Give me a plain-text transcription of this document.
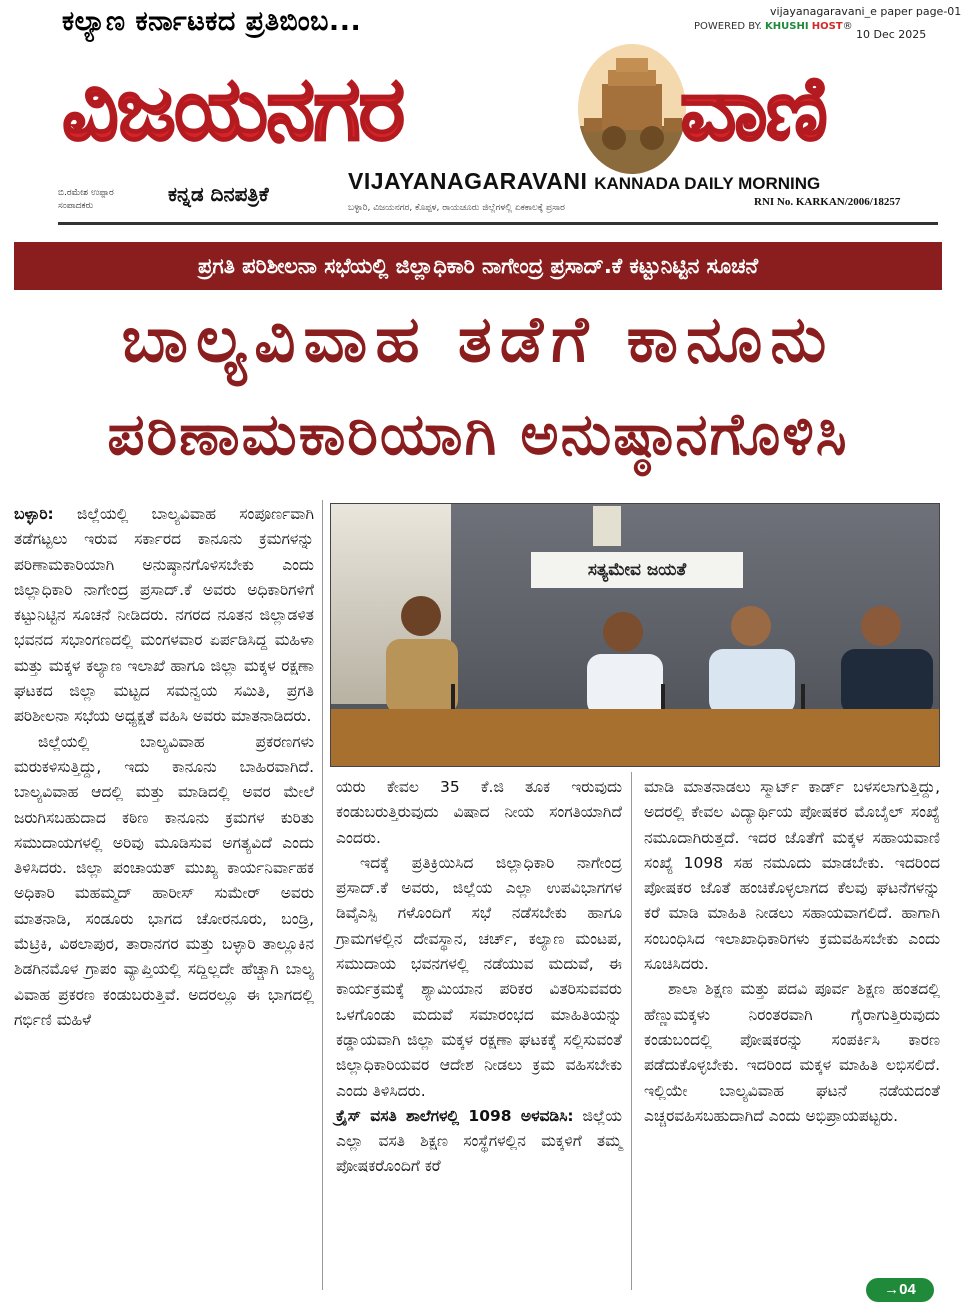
ಕಲ್ಯಾಣ ಕರ್ನಾಟಕದ ಪ್ರತಿಬಿಂಬ...	POWERED BY. KHUSHI HOST®
vijayanagaravani_e paper page-01
10 Dec 2025
ವಿಜಯನಗರ	ವಾಣಿ
ಬಿ.ರಮೇಶ ಉಪ್ಪಾರ
ಸಂಪಾದಕರು	ಕನ್ನಡ ದಿನಪತ್ರಿಕೆ	VIJAYANAGARAVANI KANNADA DAILY MORNING
ಬಳ್ಳಾರಿ, ವಿಜಯನಗರ, ಕೊಪ್ಪಳ, ರಾಯಚೂರು ಜಿಲ್ಲೆಗಳಲ್ಲಿ ಏಕಕಾಲಕ್ಕೆ ಪ್ರಸಾರ	RNI No. KARKAN/2006/18257
ಪ್ರಗತಿ ಪರಿಶೀಲನಾ ಸಭೆಯಲ್ಲಿ ಜಿಲ್ಲಾಧಿಕಾರಿ ನಾಗೇಂದ್ರ ಪ್ರಸಾದ್.ಕೆ ಕಟ್ಟುನಿಟ್ಟಿನ ಸೂಚನೆ
ಬಾಲ್ಯವಿವಾಹ ತಡೆಗೆ ಕಾನೂನು
ಪರಿಣಾಮಕಾರಿಯಾಗಿ ಅನುಷ್ಠಾನಗೊಳಿಸಿ

ಬಳ್ಳಾರಿ: ಜಿಲ್ಲೆಯಲ್ಲಿ ಬಾಲ್ಯವಿವಾಹ ಸಂಪೂರ್ಣವಾಗಿ ತಡೆಗಟ್ಟಲು ಇರುವ ಸರ್ಕಾರದ ಕಾನೂನು ಕ್ರಮಗಳನ್ನು ಪರಿಣಾಮಕಾರಿಯಾಗಿ ಅನುಷ್ಠಾನಗೊಳಿಸಬೇಕು ಎಂದು ಜಿಲ್ಲಾಧಿಕಾರಿ ನಾಗೇಂದ್ರ ಪ್ರಸಾದ್.ಕೆ ಅವರು ಅಧಿಕಾರಿಗಳಿಗೆ ಕಟ್ಟುನಿಟ್ಟಿನ ಸೂಚನೆ ನೀಡಿದರು. ನಗರದ ನೂತನ ಜಿಲ್ಲಾಡಳಿತ ಭವನದ ಸಭಾಂಗಣದಲ್ಲಿ ಮಂಗಳವಾರ ಏರ್ಪಡಿಸಿದ್ದ ಮಹಿಳಾ ಮತ್ತು ಮಕ್ಕಳ ಕಲ್ಯಾಣ ಇಲಾಖೆ ಹಾಗೂ ಜಿಲ್ಲಾ ಮಕ್ಕಳ ರಕ್ಷಣಾ ಘಟಕದ ಜಿಲ್ಲಾ ಮಟ್ಟದ ಸಮನ್ವಯ ಸಮಿತಿ, ಪ್ರಗತಿ ಪರಿಶೀಲನಾ ಸಭೆಯ ಅಧ್ಯಕ್ಷತೆ ವಹಿಸಿ ಅವರು ಮಾತನಾಡಿದರು.

ಜಿಲ್ಲೆಯಲ್ಲಿ ಬಾಲ್ಯವಿವಾಹ ಪ್ರಕರಣಗಳು ಮರುಕಳಿಸುತ್ತಿದ್ದು, ಇದು ಕಾನೂನು ಬಾಹಿರವಾಗಿದೆ. ಬಾಲ್ಯವಿವಾಹ ಆದಲ್ಲಿ ಮತ್ತು ಮಾಡಿದಲ್ಲಿ ಅವರ ಮೇಲೆ ಜರುಗಿಸಬಹುದಾದ ಕಠಿಣ ಕಾನೂನು ಕ್ರಮಗಳ ಕುರಿತು ಸಮುದಾಯಗಳಲ್ಲಿ ಅರಿವು ಮೂಡಿಸುವ ಅಗತ್ಯವಿದೆ ಎಂದು ತಿಳಿಸಿದರು. ಜಿಲ್ಲಾ ಪಂಚಾಯತ್ ಮುಖ್ಯ ಕಾರ್ಯನಿರ್ವಾಹಕ ಅಧಿಕಾರಿ ಮಹಮ್ಮದ್ ಹಾರೀಸ್ ಸುಮೇರ್ ಅವರು ಮಾತನಾಡಿ, ಸಂಡೂರು ಭಾಗದ ಚೋರನೂರು, ಬಂಡ್ರಿ, ಮೆಟ್ರಿಕಿ, ವಿಠಲಾಪುರ, ತಾರಾನಗರ ಮತ್ತು ಬಳ್ಳಾರಿ ತಾಲ್ಲೂಕಿನ ಶಿಡಗಿನಮೊಳ ಗ್ರಾಪಂ ವ್ಯಾಪ್ತಿಯಲ್ಲಿ ಸದ್ದಿಲ್ಲದೇ ಹೆಚ್ಚಾಗಿ ಬಾಲ್ಯ ವಿವಾಹ ಪ್ರಕರಣ ಕಂಡುಬರುತ್ತಿವೆ. ಅದರಲ್ಲೂ ಈ ಭಾಗದಲ್ಲಿ ಗರ್ಭಿಣಿ ಮಹಿಳೆ

ಸತ್ಯಮೇವ ಜಯತೆ

ಯರು ಕೇವಲ 35 ಕೆ.ಜಿ ತೂಕ ಇರುವುದು ಕಂಡುಬರುತ್ತಿರುವುದು ವಿಷಾದ ನೀಯ ಸಂಗತಿಯಾಗಿದೆ ಎಂದರು.

ಇದಕ್ಕೆ ಪ್ರತಿಕ್ರಿಯಿಸಿದ ಜಿಲ್ಲಾಧಿಕಾರಿ ನಾಗೇಂದ್ರ ಪ್ರಸಾದ್.ಕೆ ಅವರು, ಜಿಲ್ಲೆಯ ಎಲ್ಲಾ ಉಪವಿಭಾಗಗಳ ಡಿವೈಎಸ್ಪಿ ಗಳೊಂದಿಗೆ ಸಭೆ ನಡೆಸಬೇಕು ಹಾಗೂ ಗ್ರಾಮಗಳಲ್ಲಿನ ದೇವಸ್ಥಾನ, ಚರ್ಚ್, ಕಲ್ಯಾಣ ಮಂಟಪ, ಸಮುದಾಯ ಭವನಗಳಲ್ಲಿ ನಡೆಯುವ ಮದುವೆ, ಈ ಕಾರ್ಯಕ್ರಮಕ್ಕೆ ಶ್ಯಾಮಿಯಾನ ಪರಿಕರ ವಿತರಿಸುವವರು ಒಳಗೊಂಡು ಮದುವೆ ಸಮಾರಂಭದ ಮಾಹಿತಿಯನ್ನು ಕಡ್ಡಾಯವಾಗಿ ಜಿಲ್ಲಾ ಮಕ್ಕಳ ರಕ್ಷಣಾ ಘಟಕಕ್ಕೆ ಸಲ್ಲಿಸುವಂತೆ ಜಿಲ್ಲಾಧಿಕಾರಿಯವರ ಆದೇಶ ನೀಡಲು ಕ್ರಮ ವಹಿಸಬೇಕು ಎಂದು ತಿಳಿಸಿದರು.

ಕ್ರೈಸ್ ವಸತಿ ಶಾಲೆಗಳಲ್ಲಿ 1098 ಅಳವಡಿಸಿ: ಜಿಲ್ಲೆಯ ಎಲ್ಲಾ ವಸತಿ ಶಿಕ್ಷಣ ಸಂಸ್ಥೆಗಳಲ್ಲಿನ ಮಕ್ಕಳಿಗೆ ತಮ್ಮ ಪೋಷಕರೊಂದಿಗೆ ಕರೆ

ಮಾಡಿ ಮಾತನಾಡಲು ಸ್ಮಾರ್ಟ್ ಕಾರ್ಡ್ ಬಳಸಲಾಗುತ್ತಿದ್ದು, ಅದರಲ್ಲಿ ಕೇವಲ ವಿದ್ಯಾರ್ಥಿಯ ಪೋಷಕರ ಮೊಬೈಲ್ ಸಂಖ್ಯೆ ನಮೂದಾಗಿರುತ್ತದೆ. ಇದರ ಜೊತೆಗೆ ಮಕ್ಕಳ ಸಹಾಯವಾಣಿ ಸಂಖ್ಯೆ 1098 ಸಹ ನಮೂದು ಮಾಡಬೇಕು. ಇದರಿಂದ ಪೋಷಕರ ಜೊತೆ ಹಂಚಿಕೊಳ್ಳಲಾಗದ ಕೆಲವು ಘಟನೆಗಳನ್ನು ಕರೆ ಮಾಡಿ ಮಾಹಿತಿ ನೀಡಲು ಸಹಾಯವಾಗಲಿದೆ. ಹಾಗಾಗಿ ಸಂಬಂಧಿಸಿದ ಇಲಾಖಾಧಿಕಾರಿಗಳು ಕ್ರಮವಹಿಸಬೇಕು ಎಂದು ಸೂಚಿಸಿದರು.

ಶಾಲಾ ಶಿಕ್ಷಣ ಮತ್ತು ಪದವಿ ಪೂರ್ವ ಶಿಕ್ಷಣ ಹಂತದಲ್ಲಿ ಹೆಣ್ಣುಮಕ್ಕಳು ನಿರಂತರವಾಗಿ ಗೈರಾಗುತ್ತಿರುವುದು ಕಂಡುಬಂದಲ್ಲಿ ಪೋಷಕರನ್ನು ಸಂಪರ್ಕಿಸಿ ಕಾರಣ ಪಡೆದುಕೊಳ್ಳಬೇಕು. ಇದರಿಂದ ಮಕ್ಕಳ ಮಾಹಿತಿ ಲಭಿಸಲಿದೆ. ಇಲ್ಲಿಯೇ ಬಾಲ್ಯವಿವಾಹ ಘಟನೆ ನಡೆಯದಂತೆ ಎಚ್ಚರವಹಿಸಬಹುದಾಗಿದೆ ಎಂದು ಅಭಿಪ್ರಾಯಪಟ್ಟರು.

→04
